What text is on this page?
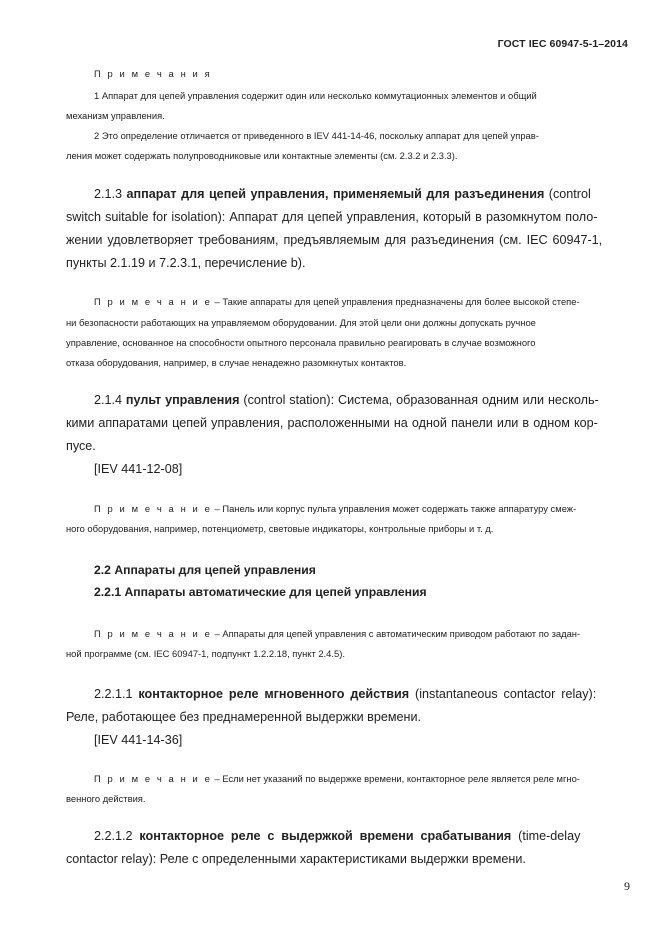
ГОСТ IEC 60947-5-1–2014
П р и м е ч а н и я
1 Аппарат для цепей управления содержит один или несколько коммутационных элементов и общий
механизм управления.
2 Это определение отличается от приведенного в IEV 441-14-46, поскольку аппарат для цепей управ-
ления может содержать полупроводниковые или контактные элементы (см. 2.3.2 и 2.3.3).
2.1.3 аппарат для цепей управления, применяемый для разъединения (control
switch suitable for isolation): Аппарат для цепей управления, который в разомкнутом поло-
жении удовлетворяет требованиям, предъявляемым для разъединения (см. IEC 60947-1,
пункты 2.1.19 и 7.2.3.1, перечисление b).
П р и м е ч а н и е – Такие аппараты для цепей управления предназначены для более высокой степе-
ни безопасности работающих на управляемом оборудовании. Для этой цели они должны допускать ручное
управление, основанное на способности опытного персонала правильно реагировать в случае возможного
отказа оборудования, например, в случае ненадежно разомкнутых контактов.
2.1.4 пульт управления (control station): Система, образованная одним или несколь-
кими аппаратами цепей управления, расположенными на одной панели или в одном кор-
пусе.
[IEV 441-12-08]
П р и м е ч а н и е – Панель или корпус пульта управления может содержать также аппаратуру смеж-
ного оборудования, например, потенциометр, световые индикаторы, контрольные приборы и т. д.
2.2 Аппараты для цепей управления
2.2.1 Аппараты автоматические для цепей управления
П р и м е ч а н и е – Аппараты для цепей управления с автоматическим приводом работают по задан-
ной программе (см. IEC 60947-1, подпункт 1.2.2.18, пункт 2.4.5).
2.2.1.1 контакторное реле мгновенного действия (instantaneous contactor relay):
Реле, работающее без преднамеренной выдержки времени.
[IEV 441-14-36]
П р и м е ч а н и е – Если нет указаний по выдержке времени, контакторное реле является реле мгно-
венного действия.
2.2.1.2 контакторное реле с выдержкой времени срабатывания (time-delay
contactor relay): Реле с определенными характеристиками выдержки времени.
9
